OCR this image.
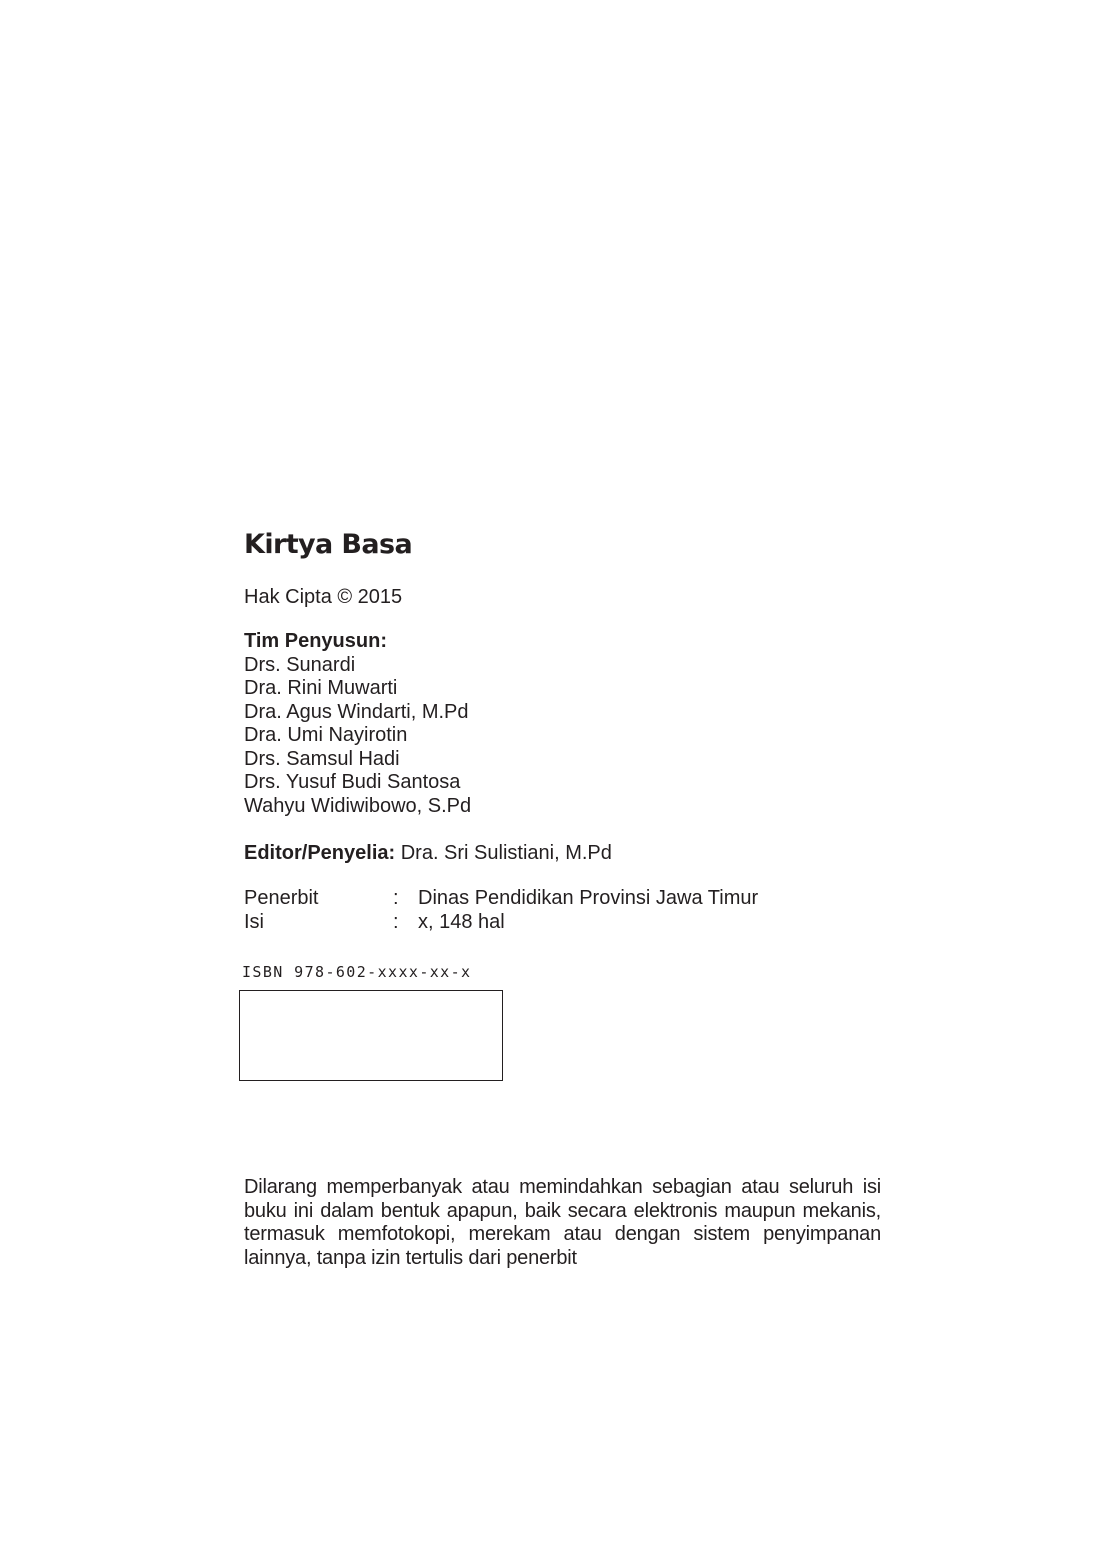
Kirtya Basa
Hak Cipta © 2015
Tim Penyusun:
Drs. Sunardi
Dra. Rini Muwarti
Dra. Agus Windarti, M.Pd
Dra. Umi Nayirotin
Drs. Samsul Hadi
Drs. Yusuf Budi Santosa
Wahyu Widiwibowo, S.Pd
Editor/Penyelia: Dra. Sri Sulistiani, M.Pd
Penerbit	: Dinas Pendidikan Provinsi Jawa Timur
Isi	: x, 148 hal
ISBN 978-602-xxxx-xx-x

Dilarang memperbanyak atau memindahkan sebagian atau seluruh isi buku ini dalam bentuk apapun, baik secara elektronis maupun mekanis, termasuk memfotokopi, merekam atau dengan sistem penyimpanan lainnya, tanpa izin tertulis dari penerbit
